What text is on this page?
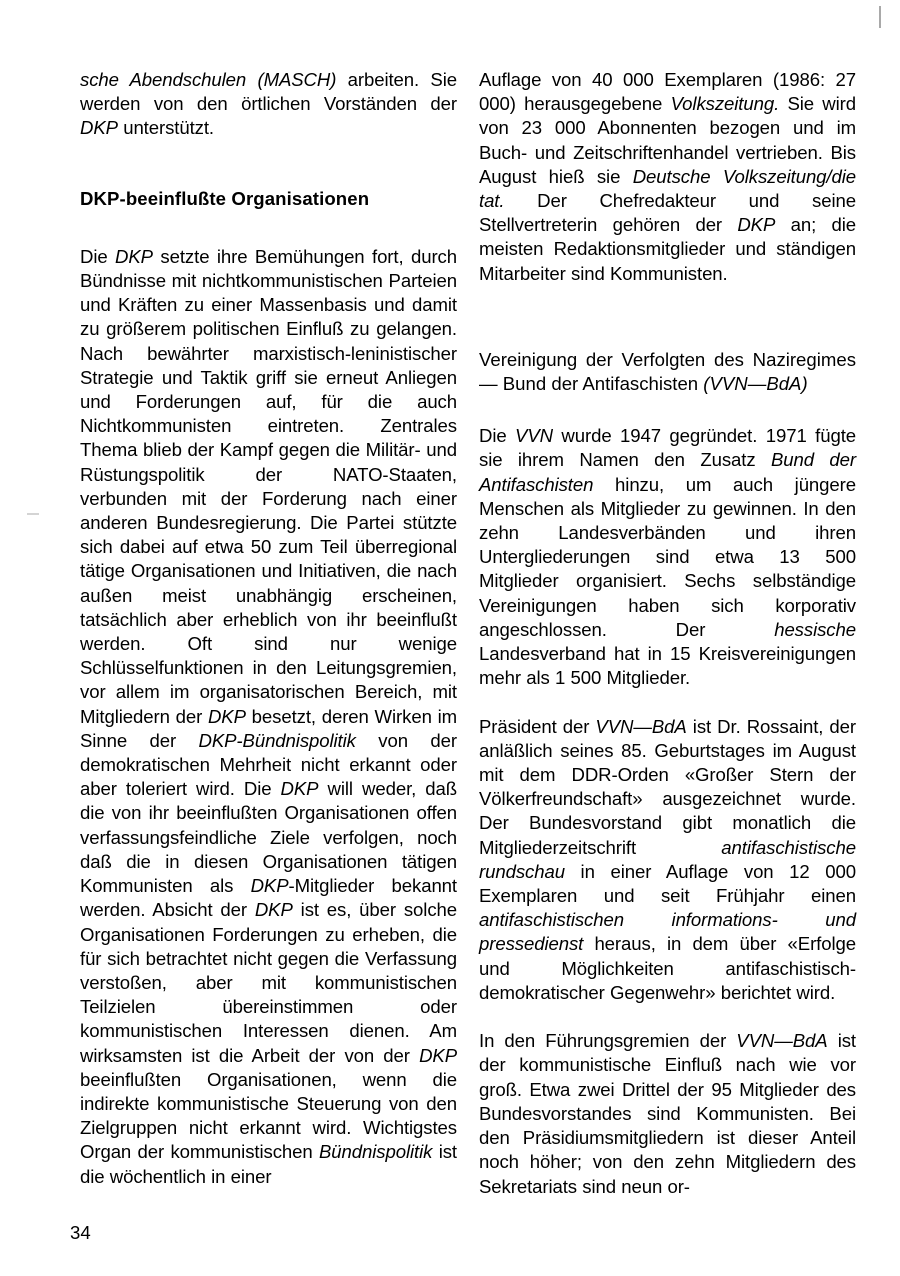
sche Abendschulen (MASCH) arbeiten. Sie werden von den örtlichen Vorständen der DKP unterstützt.

DKP-beeinflußte Organisationen

Die DKP setzte ihre Bemühungen fort, durch Bündnisse mit nichtkommunistischen Parteien und Kräften zu einer Massenbasis und damit zu größerem politischen Einfluß zu gelangen. Nach bewährter marxistisch-leninistischer Strategie und Taktik griff sie erneut Anliegen und Forderungen auf, für die auch Nichtkommunisten eintreten. Zentrales Thema blieb der Kampf gegen die Militär- und Rüstungspolitik der NATO-Staaten, verbunden mit der Forderung nach einer anderen Bundesregierung. Die Partei stützte sich dabei auf etwa 50 zum Teil überregional tätige Organisationen und Initiativen, die nach außen meist unabhängig erscheinen, tatsächlich aber erheblich von ihr beeinflußt werden. Oft sind nur wenige Schlüsselfunktionen in den Leitungsgremien, vor allem im organisatorischen Bereich, mit Mitgliedern der DKP besetzt, deren Wirken im Sinne der DKP-Bündnispolitik von der demokratischen Mehrheit nicht erkannt oder aber toleriert wird. Die DKP will weder, daß die von ihr beeinflußten Organisationen offen verfassungsfeindliche Ziele verfolgen, noch daß die in diesen Organisationen tätigen Kommunisten als DKP-Mitglieder bekannt werden. Absicht der DKP ist es, über solche Organisationen Forderungen zu erheben, die für sich betrachtet nicht gegen die Verfassung verstoßen, aber mit kommunistischen Teilzielen übereinstimmen oder kommunistischen Interessen dienen. Am wirksamsten ist die Arbeit der von der DKP beeinflußten Organisationen, wenn die indirekte kommunistische Steuerung von den Zielgruppen nicht erkannt wird. Wichtigstes Organ der kommunistischen Bündnispolitik ist die wöchentlich in einer

Auflage von 40 000 Exemplaren (1986: 27 000) herausgegebene Volkszeitung. Sie wird von 23 000 Abonnenten bezogen und im Buch- und Zeitschriftenhandel vertrieben. Bis August hieß sie Deutsche Volkszeitung/die tat. Der Chefredakteur und seine Stellvertreterin gehören der DKP an; die meisten Redaktionsmitglieder und ständigen Mitarbeiter sind Kommunisten.

Vereinigung der Verfolgten des Naziregimes — Bund der Antifaschisten (VVN—BdA)

Die VVN wurde 1947 gegründet. 1971 fügte sie ihrem Namen den Zusatz Bund der Antifaschisten hinzu, um auch jüngere Menschen als Mitglieder zu gewinnen. In den zehn Landesverbänden und ihren Untergliederungen sind etwa 13 500 Mitglieder organisiert. Sechs selbständige Vereinigungen haben sich korporativ angeschlossen. Der hessische Landesverband hat in 15 Kreisvereinigungen mehr als 1 500 Mitglieder.

Präsident der VVN—BdA ist Dr. Rossaint, der anläßlich seines 85. Geburtstages im August mit dem DDR-Orden «Großer Stern der Völkerfreundschaft» ausgezeichnet wurde. Der Bundesvorstand gibt monatlich die Mitgliederzeitschrift antifaschistische rundschau in einer Auflage von 12 000 Exemplaren und seit Frühjahr einen antifaschistischen informations- und pressedienst heraus, in dem über «Erfolge und Möglichkeiten antifaschistisch-demokratischer Gegenwehr» berichtet wird.

In den Führungsgremien der VVN—BdA ist der kommunistische Einfluß nach wie vor groß. Etwa zwei Drittel der 95 Mitglieder des Bundesvorstandes sind Kommunisten. Bei den Präsidiumsmitgliedern ist dieser Anteil noch höher; von den zehn Mitgliedern des Sekretariats sind neun or-

34
